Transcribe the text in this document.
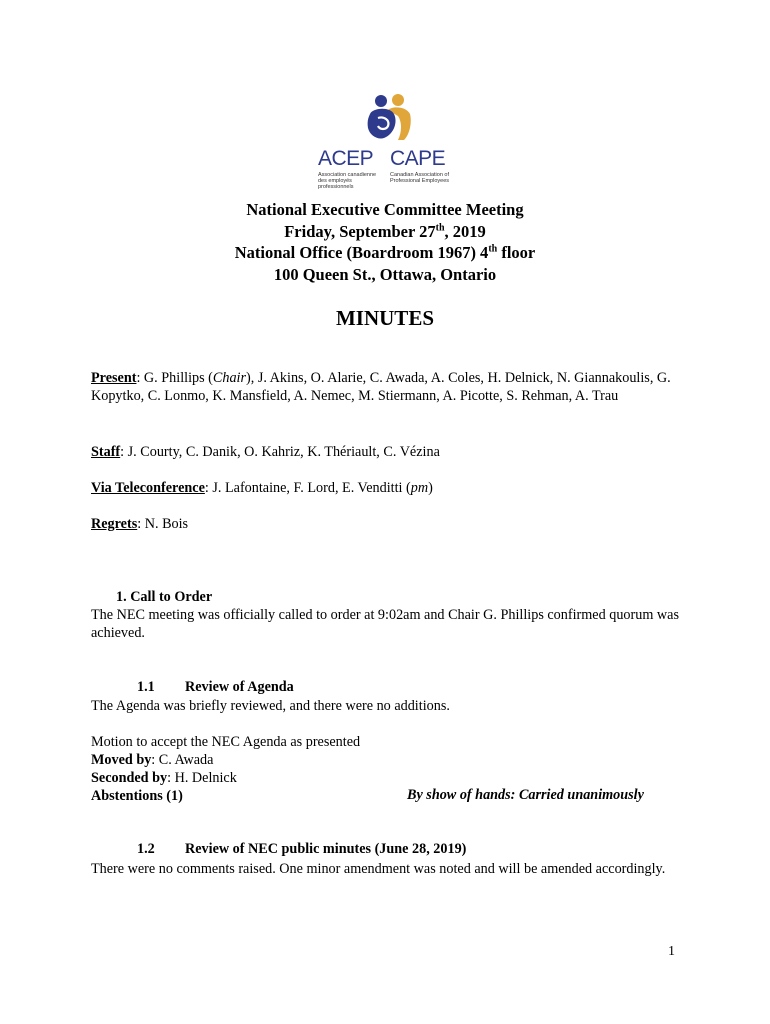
ACEP CAPE
Association canadienne des employés professionnels
Canadian Association of Professional Employees
National Executive Committee Meeting
Friday, September 27th, 2019
National Office (Boardroom 1967) 4th floor
100 Queen St., Ottawa, Ontario
MINUTES
Present: G. Phillips (Chair), J. Akins, O. Alarie, C. Awada, A. Coles, H. Delnick, N. Giannakoulis, G. Kopytko, C. Lonmo, K. Mansfield, A. Nemec, M. Stiermann, A. Picotte, S. Rehman, A. Trau
Staff: J. Courty, C. Danik, O. Kahriz, K. Thériault, C. Vézina
Via Teleconference: J. Lafontaine, F. Lord, E. Venditti (pm)
Regrets: N. Bois
1. Call to Order
The NEC meeting was officially called to order at 9:02am and Chair G. Phillips confirmed quorum was achieved.
1.1 Review of Agenda
The Agenda was briefly reviewed, and there were no additions.
Motion to accept the NEC Agenda as presented
Moved by: C. Awada
Seconded by: H. Delnick
Abstentions (1)	By show of hands: Carried unanimously
1.2 Review of NEC public minutes (June 28, 2019)
There were no comments raised. One minor amendment was noted and will be amended accordingly.
1
